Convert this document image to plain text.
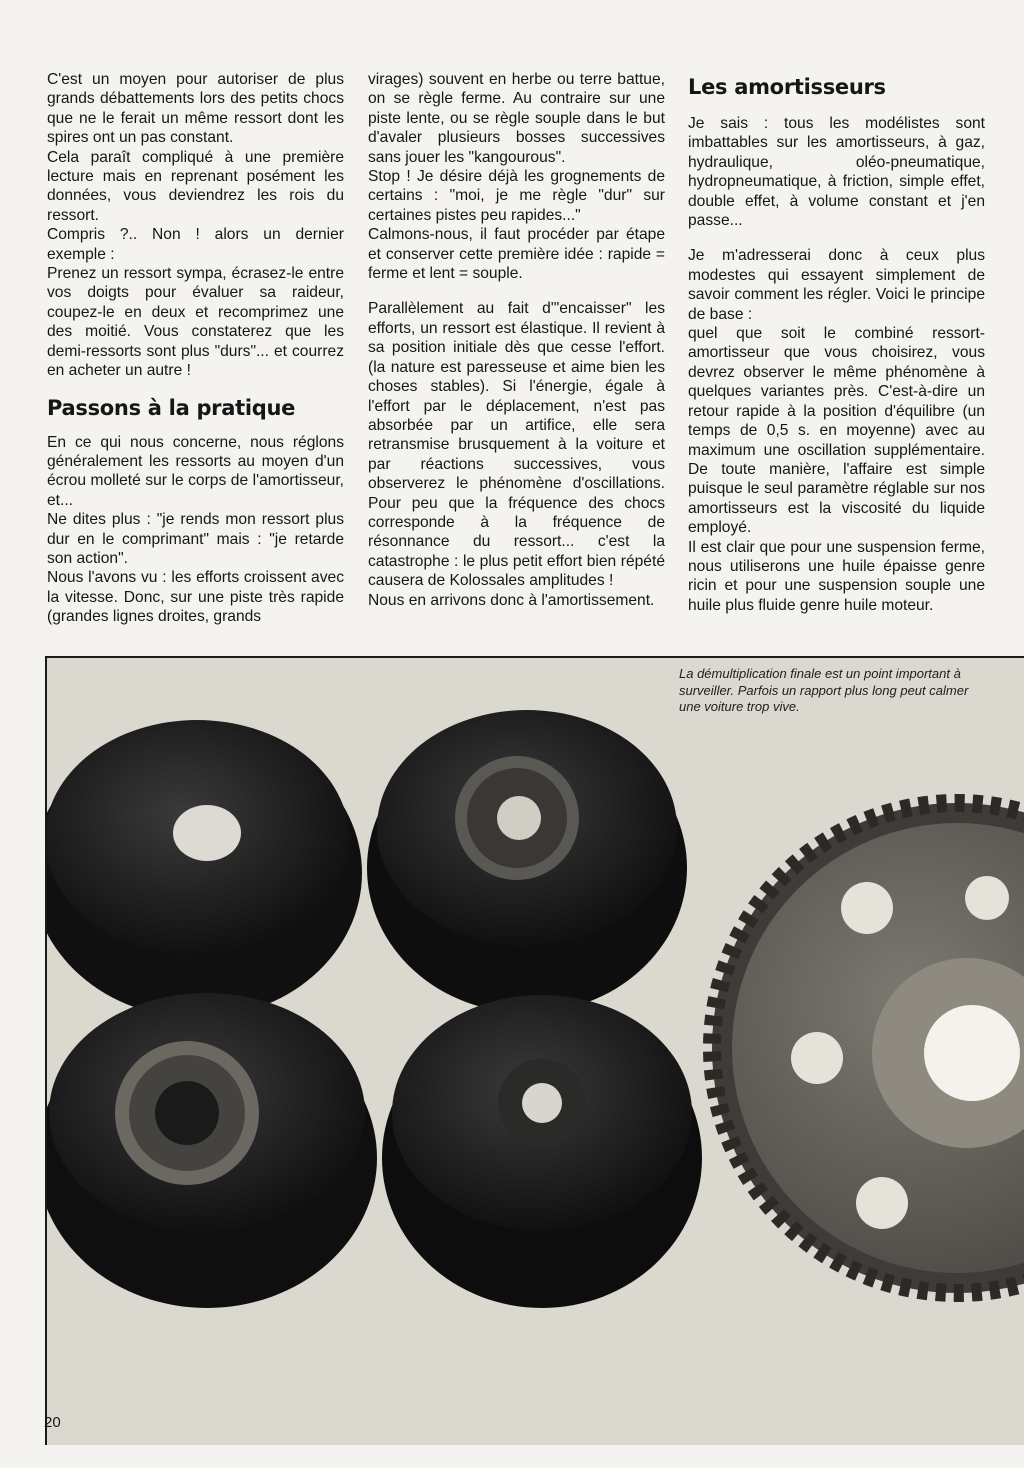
C'est un moyen pour autoriser de plus grands débattements lors des petits chocs que ne le ferait un même ressort dont les spires ont un pas constant.

Cela paraît compliqué à une première lecture mais en reprenant posément les données, vous deviendrez les rois du ressort.

Compris ?.. Non ! alors un dernier exemple :

Prenez un ressort sympa, écrasez-le entre vos doigts pour évaluer sa raideur, coupez-le en deux et recomprimez une des moitié. Vous constaterez que les demi-ressorts sont plus "durs"... et courrez en acheter un autre !

Passons à la pratique

En ce qui nous concerne, nous réglons généralement les ressorts au moyen d'un écrou molleté sur le corps de l'amortisseur, et...

Ne dites plus : "je rends mon ressort plus dur en le comprimant" mais : "je retarde son action".

Nous l'avons vu : les efforts croissent avec la vitesse. Donc, sur une piste très rapide (grandes lignes droites, grands

virages) souvent en herbe ou terre battue, on se règle ferme. Au contraire sur une piste lente, ou se règle souple dans le but d'avaler plusieurs bosses successives sans jouer les "kangourous".

Stop ! Je désire déjà les grognements de certains : "moi, je me règle "dur" sur certaines pistes peu rapides..."

Calmons-nous, il faut procéder par étape et conserver cette première idée : rapide = ferme et lent = souple.

Parallèlement au fait d'"encaisser" les efforts, un ressort est élastique. Il revient à sa position initiale dès que cesse l'effort. (la nature est paresseuse et aime bien les choses stables). Si l'énergie, égale à l'effort par le déplacement, n'est pas absorbée par un artifice, elle sera retransmise brusquement à la voiture et par réactions successives, vous observerez le phénomène d'oscillations. Pour peu que la fréquence des chocs corresponde à la fréquence de résonnance du ressort... c'est la catastrophe : le plus petit effort bien répété causera de Kolossales amplitudes !

Nous en arrivons donc à l'amortissement.

Les amortisseurs

Je sais : tous les modélistes sont imbattables sur les amortisseurs, à gaz, hydraulique, oléo-pneumatique, hydropneumatique, à friction, simple effet, double effet, à volume constant et j'en passe...

Je m'adresserai donc à ceux plus modestes qui essayent simplement de savoir comment les régler. Voici le principe de base :

quel que soit le combiné ressort-amortisseur que vous choisirez, vous devrez observer le même phénomène à quelques variantes près. C'est-à-dire un retour rapide à la position d'équilibre (un temps de 0,5 s. en moyenne) avec au maximum une oscillation supplémentaire. De toute manière, l'affaire est simple puisque le seul paramètre réglable sur nos amortisseurs est la viscosité du liquide employé.

Il est clair que pour une suspension ferme, nous utiliserons une huile épaisse genre ricin et pour une suspension souple une huile plus fluide genre huile moteur.

La démultiplication finale est un point important à surveiller. Parfois un rapport plus long peut calmer une voiture trop vive.
20
